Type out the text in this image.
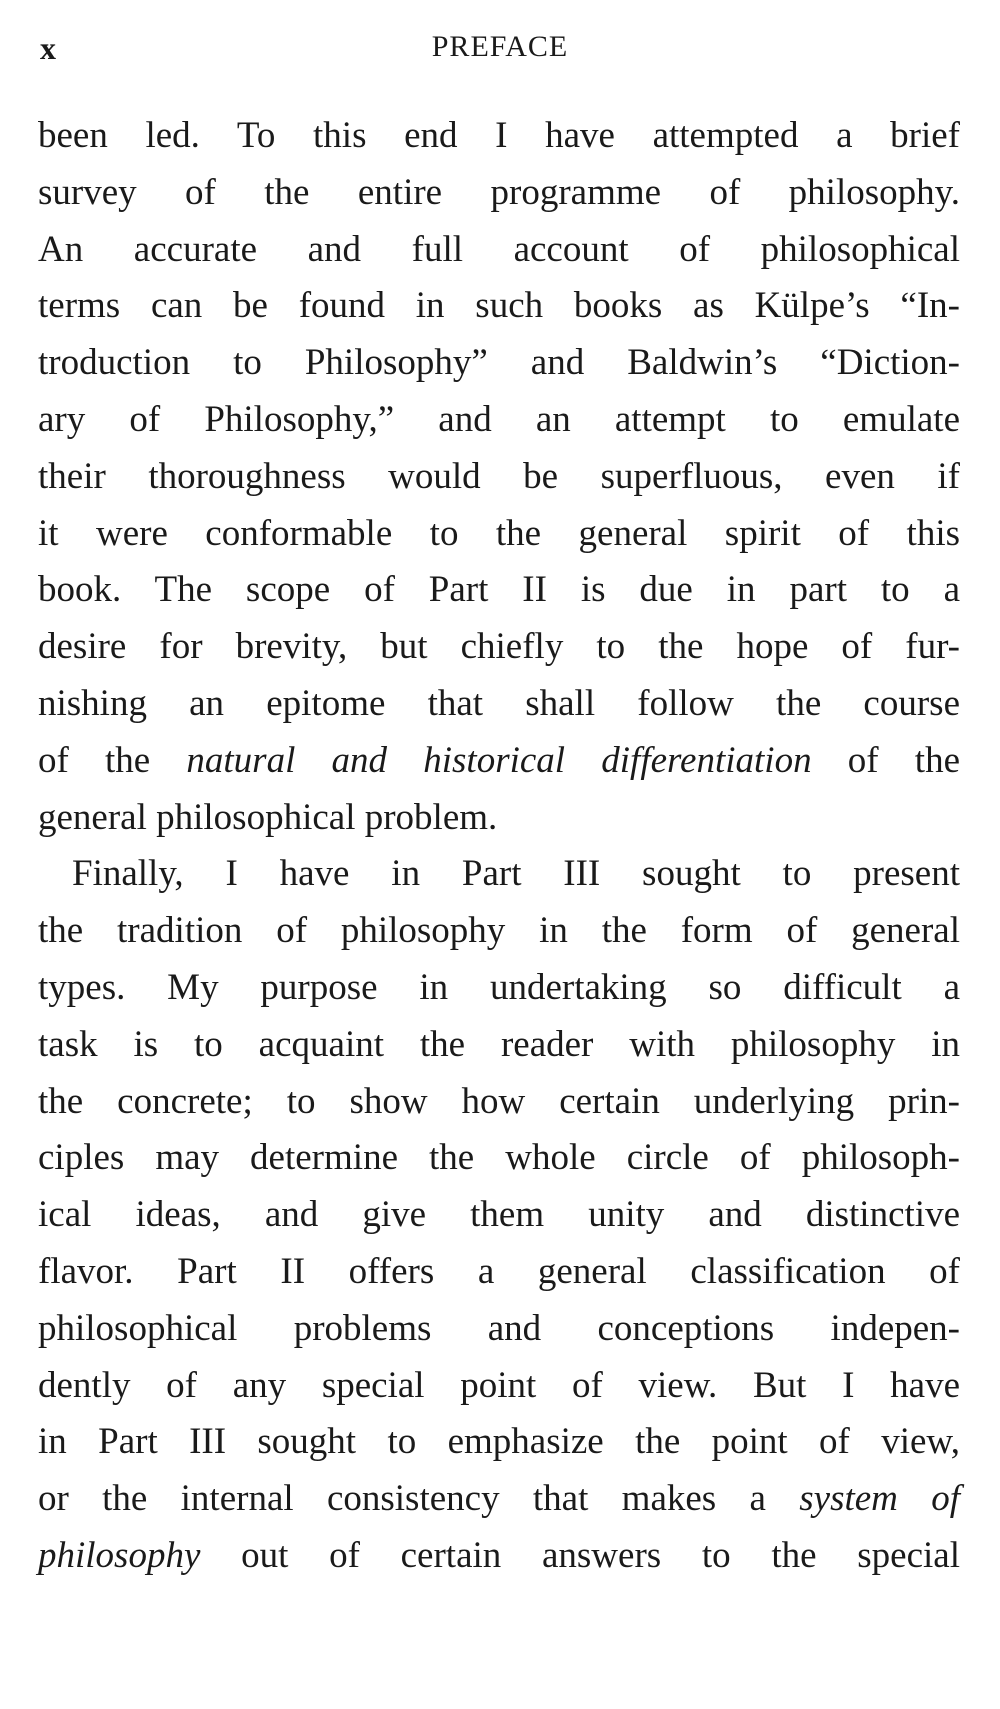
x	PREFACE
been led. To this end I have attempted a brief
survey of the entire programme of philosophy.
An accurate and full account of philosophical
terms can be found in such books as Külpe’s “In-
troduction to Philosophy” and Baldwin’s “Diction-
ary of Philosophy,” and an attempt to emulate
their thoroughness would be superfluous, even if
it were conformable to the general spirit of this
book. The scope of Part II is due in part to a
desire for brevity, but chiefly to the hope of fur-
nishing an epitome that shall follow the course
of the natural and historical differentiation of the
general philosophical problem.
Finally, I have in Part III sought to present
the tradition of philosophy in the form of general
types. My purpose in undertaking so difficult a
task is to acquaint the reader with philosophy in
the concrete; to show how certain underlying prin-
ciples may determine the whole circle of philosoph-
ical ideas, and give them unity and distinctive
flavor. Part II offers a general classification of
philosophical problems and conceptions indepen-
dently of any special point of view. But I have
in Part III sought to emphasize the point of view,
or the internal consistency that makes a system of
philosophy out of certain answers to the special
